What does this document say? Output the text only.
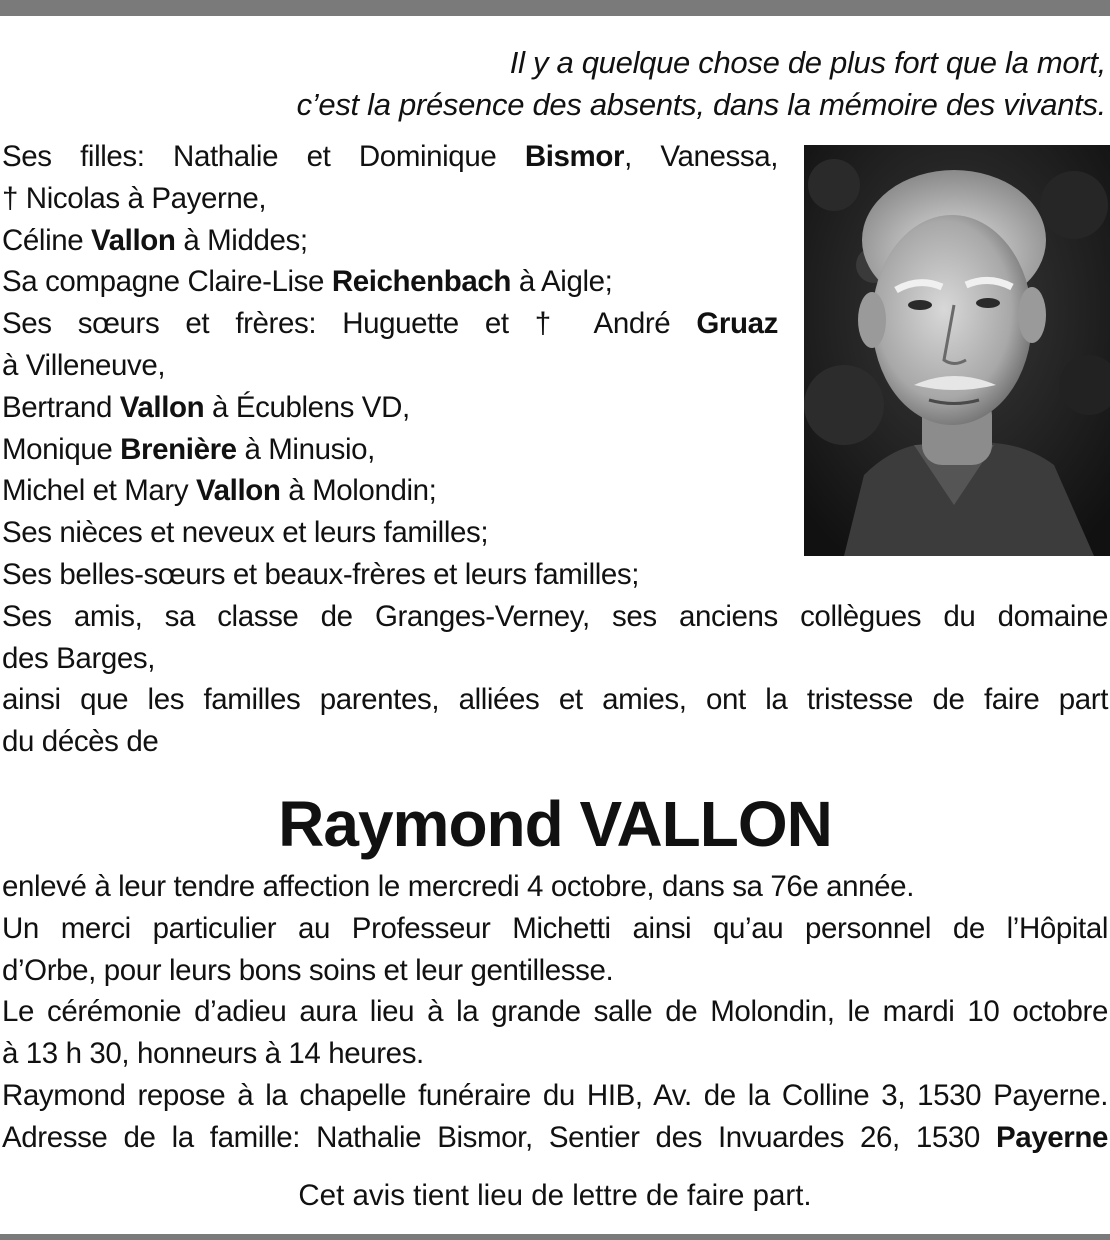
Il y a quelque chose de plus fort que la mort,
c’est la présence des absents, dans la mémoire des vivants.
Ses filles: Nathalie et Dominique Bismor, Vanessa,
† Nicolas à Payerne,
Céline Vallon à Middes;
Sa compagne Claire-Lise Reichenbach à Aigle;
Ses sœurs et frères: Huguette et † André Gruaz
à Villeneuve,
Bertrand Vallon à Écublens VD,
Monique Brenière à Minusio,
Michel et Mary Vallon à Molondin;
Ses nièces et neveux et leurs familles;
Ses belles-sœurs et beaux-frères et leurs familles;
Ses amis, sa classe de Granges-Verney, ses anciens collègues du domaine
des Barges,
ainsi que les familles parentes, alliées et amies, ont la tristesse de faire part
du décès de
Raymond VALLON
enlevé à leur tendre affection le mercredi 4 octobre, dans sa 76e année.
Un merci particulier au Professeur Michetti ainsi qu’au personnel de l’Hôpital
d’Orbe, pour leurs bons soins et leur gentillesse.
Le cérémonie d’adieu aura lieu à la grande salle de Molondin, le mardi 10 octobre
à 13 h 30, honneurs à 14 heures.
Raymond repose à la chapelle funéraire du HIB, Av. de la Colline 3, 1530 Payerne.
Adresse de la famille: Nathalie Bismor, Sentier des Invuardes 26, 1530 Payerne
Cet avis tient lieu de lettre de faire part.
